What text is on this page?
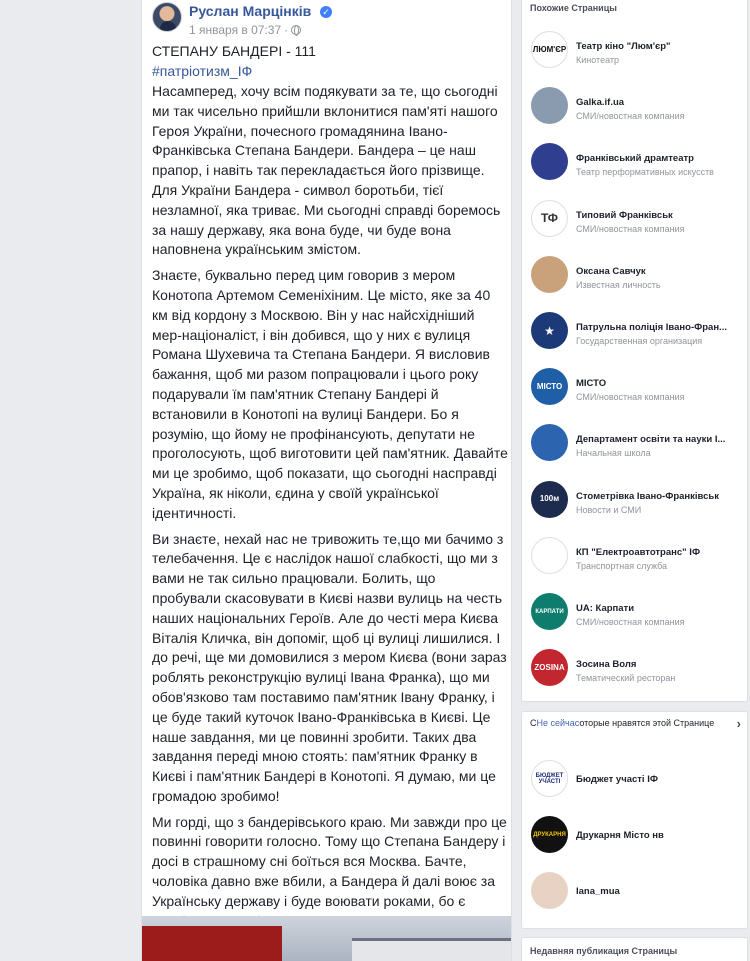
Руслан Марцінків ✓
1 января в 07:37 ·
СТЕПАНУ БАНДЕРІ - 111
#патріотизм_ІФ

Насамперед, хочу всім подякувати за те, що сьогодні ми так чисельно прийшли вклонитися пам'яті нашого Героя України, почесного громадянина Івано-Франківська Степана Бандери. Бандера – це наш прапор, і навіть так перекладається його прізвище. Для України Бандера - символ боротьби, тієї незламної, яка триває. Ми сьогодні справді боремось за нашу державу, яка вона буде, чи буде вона наповнена українським змістом.

Знаєте, буквально перед цим говорив з мером Конотопа Артемом Семеніхіним. Це місто, яке за 40 км від кордону з Москвою. Він у нас найсхідніший мер-націоналіст, і він добився, що у них є вулиця Романа Шухевича та Степана Бандери. Я висловив бажання, щоб ми разом попрацювали і цього року подарували їм пам'ятник Степану Бандері й встановили в Конотопі на вулиці Бандери. Бо я розумію, що йому не профінансують, депутати не проголосують, щоб виготовити цей пам'ятник. Давайте ми це зробимо, щоб показати, що сьогодні насправді Україна, як ніколи, єдина у своїй української ідентичності.

Ви знаєте, нехай нас не тривожить те,що ми бачимо з телебачення. Це є наслідок нашої слабкості, що ми з вами не так сильно працювали. Болить, що пробували скасовувати в Києві назви вулиць на честь наших національних Героїв. Але до честі мера Києва Віталія Кличка, він допоміг, щоб ці вулиці лишилися. І до речі, ще ми домовилися з мером Києва (вони зараз роблять реконструкцію вулиці Івана Франка), що ми обов'язково там поставимо пам'ятник Івану Франку, і це буде такий куточок Івано-Франківська в Києві. Це наше завдання, ми це повинні зробити. Таких два завдання переді мною стоять: пам'ятник Франку в Києві і пам'ятник Бандері в Конотопі. Я думаю, ми це громадою зробимо!

Ми горді, що з бандерівського краю. Ми завжди про це повинні говорити голосно. Тому що Степана Бандеру і досі в страшному сні боїться вся Москва. Бачте, чоловіка давно вже вбили, а Бандера й далі воює за Українську державу і буде воювати роками, бо є

Похожие Страницы
ЛЮМ'ЄР Театр кіно "Люм'єр"
Кинотеатр
Galka.if.ua
СМИ/новостная компания
Франківський драмтеатр
Театр перформативных искусств
ТФ	Типовий Франківськ
СМИ/новостная компания
Оксана Савчук
Известная личность
★	Патрульна поліція Івано-Фран...
Государственная организация
МІСТО	МІСТО
СМИ/новостная компания
Департамент освіти та науки І...
Начальная школа
100м	Стометрівка Івано-Франківськ
Новости и СМИ
КП "Електроавтотранс" ІФ
Транспортная служба
КАРПАТИ	UA: Карпати
СМИ/новостная компания
ZOSINA	Зосина Воля
Тематический ресторан
СНе сейчасоторые нравятся этой Странице	›
БЮДЖЕТ УЧАСТІ	Бюджет участі ІФ
ДРУКАРНЯ Друкарня Місто нв
Iana_mua
Недавняя публикация Страницы
